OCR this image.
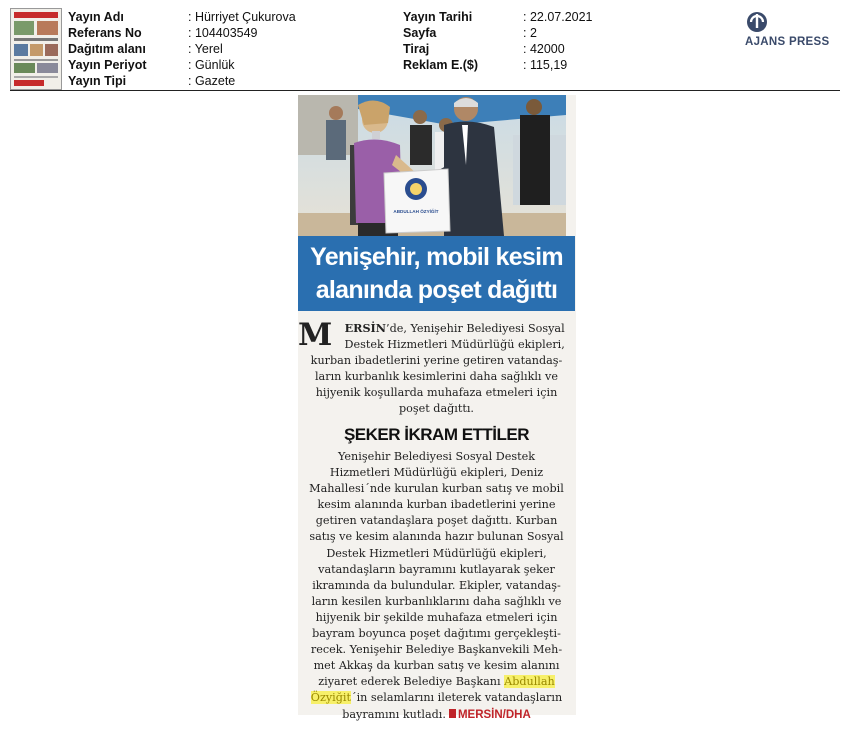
Yayın Adı	: Hürriyet Çukurova
Referans No	: 104403549
Dağıtım alanı	: Yerel
Yayın Periyot	: Günlük
Yayın Tipi	: Gazete
Yayın Tarihi	: 22.07.2021
Sayfa	: 2
Tiraj	: 42000
Reklam E.($)	: 115,19
AJANS PRESS
ABDULLAH ÖZYİĞİT
Yenişehir, mobil kesim
alanında poşet dağıttı
M	ERSİN’de, Yenişehir Belediyesi Sosyal
Destek Hizmetleri Müdürlüğü ekipleri,
kurban ibadetlerini yerine getiren vatandaş-
ların kurbanlık kesimlerini daha sağlıklı ve
hijyenik koşullarda muhafaza etmeleri için
poşet dağıttı.
ŞEKER İKRAM ETTİLER
Yenişehir Belediyesi Sosyal Destek
Hizmetleri Müdürlüğü ekipleri, Deniz
Mahallesi´nde kurulan kurban satış ve mobil
kesim alanında kurban ibadetlerini yerine
getiren vatandaşlara poşet dağıttı. Kurban
satış ve kesim alanında hazır bulunan Sosyal
Destek Hizmetleri Müdürlüğü ekipleri,
vatandaşların bayramını kutlayarak şeker
ikramında da bulundular. Ekipler, vatandaş-
ların kesilen kurbanlıklarını daha sağlıklı ve
hijyenik bir şekilde muhafaza etmeleri için
bayram boyunca poşet dağıtımı gerçekleşti-
recek. Yenişehir Belediye Başkanvekili Meh-
met Akkaş da kurban satış ve kesim alanını
ziyaret ederek Belediye Başkanı Abdullah
Özyiğit´in selamlarını ileterek vatandaşların
bayramını kutladı. MERSİN/DHA
